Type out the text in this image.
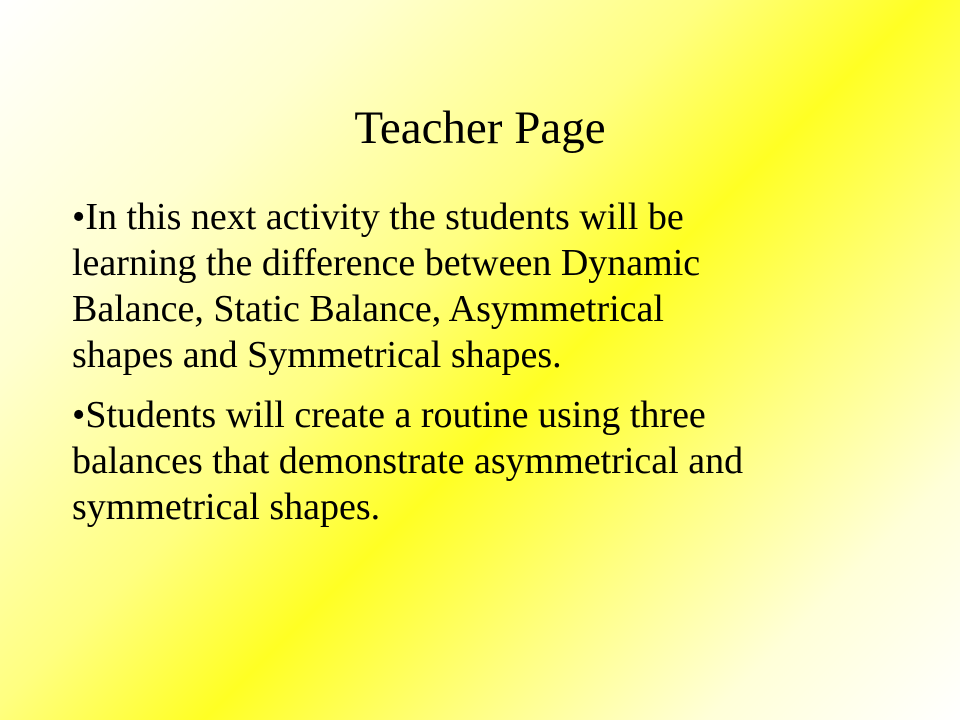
Teacher Page
•In this next activity the students will be
learning the difference between Dynamic
Balance, Static Balance, Asymmetrical
shapes and Symmetrical shapes.
•Students will create a routine using three
balances that demonstrate asymmetrical and
symmetrical shapes.
